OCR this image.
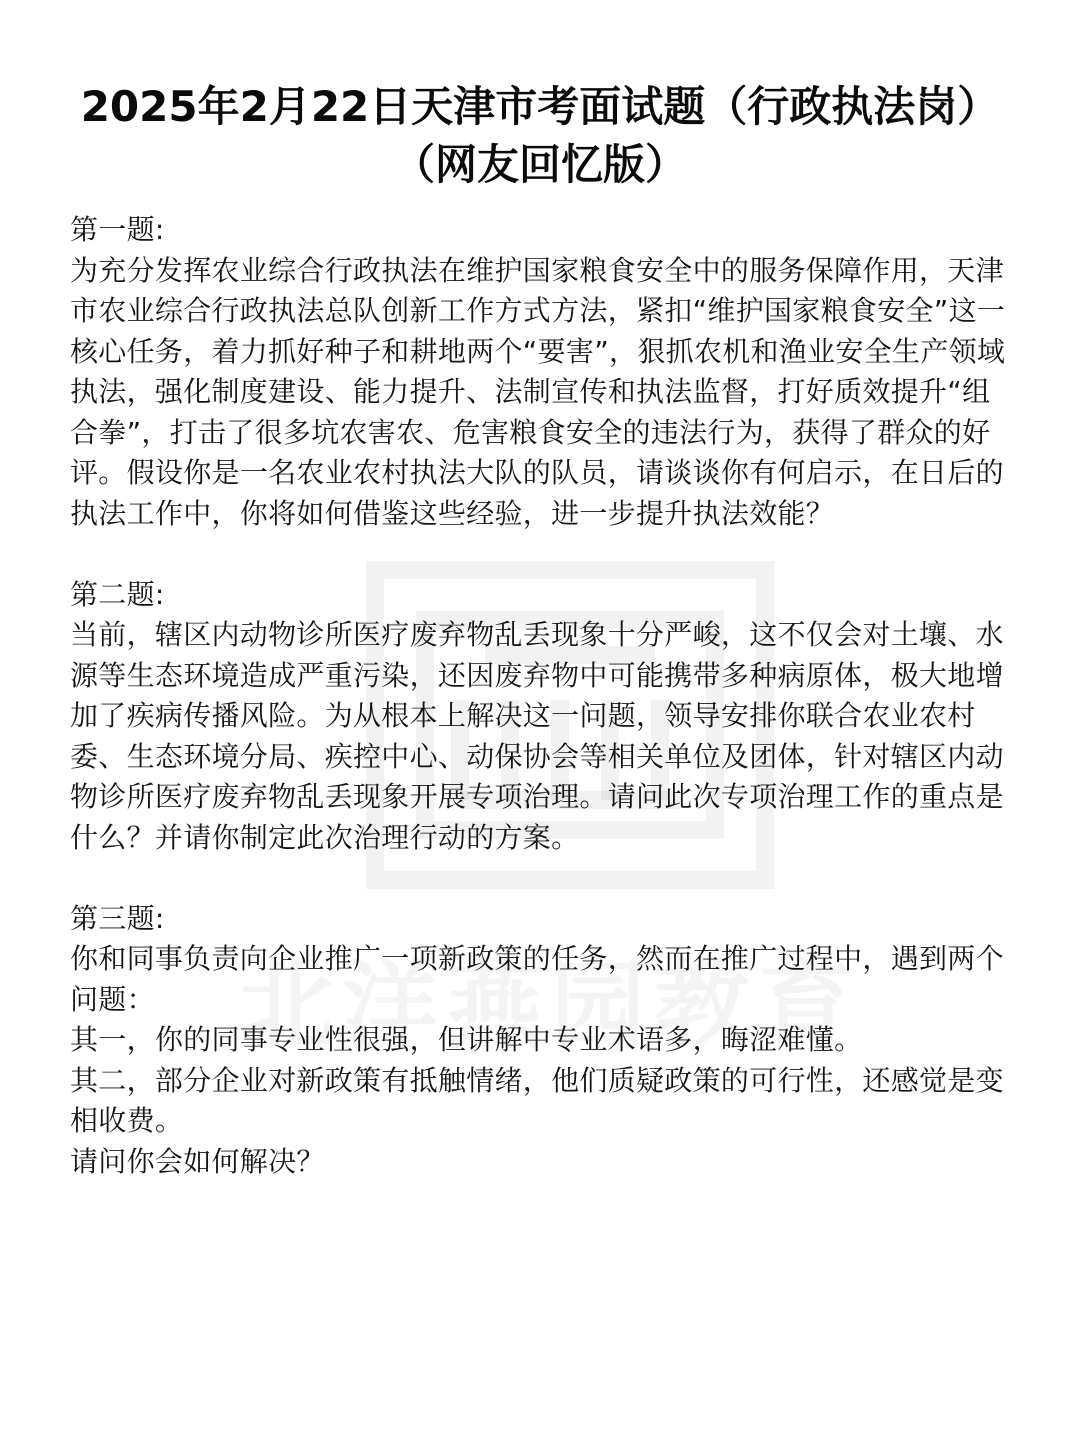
2025年2月22日天津市考面试题（行政执法岗）
（网友回忆版）
第一题:

为充分发挥农业综合行政执法在维护国家粮食安全中的服务保障作用，天津市农业综合行政执法总队创新工作方式方法，紧扣“维护国家粮食安全”这一核心任务，着力抓好种子和耕地两个“要害”，狠抓农机和渔业安全生产领域执法，强化制度建设、能力提升、法制宣传和执法监督，打好质效提升“组合拳”，打击了很多坑农害农、危害粮食安全的违法行为，获得了群众的好评。假设你是一名农业农村执法大队的队员，请谈谈你有何启示，在日后的执法工作中，你将如何借鉴这些经验，进一步提升执法效能？

第二题:

当前，辖区内动物诊所医疗废弃物乱丢现象十分严峻，这不仅会对土壤、水源等生态环境造成严重污染，还因废弃物中可能携带多种病原体，极大地增加了疾病传播风险。为从根本上解决这一问题，领导安排你联合农业农村委、生态环境分局、疾控中心、动保协会等相关单位及团体，针对辖区内动物诊所医疗废弃物乱丢现象开展专项治理。请问此次专项治理工作的重点是什么？并请你制定此次治理行动的方案。

第三题:

你和同事负责向企业推广一项新政策的任务，然而在推广过程中，遇到两个问题：

其一，你的同事专业性很强，但讲解中专业术语多，晦涩难懂。

其二，部分企业对新政策有抵触情绪，他们质疑政策的可行性，还感觉是变相收费。

请问你会如何解决？
